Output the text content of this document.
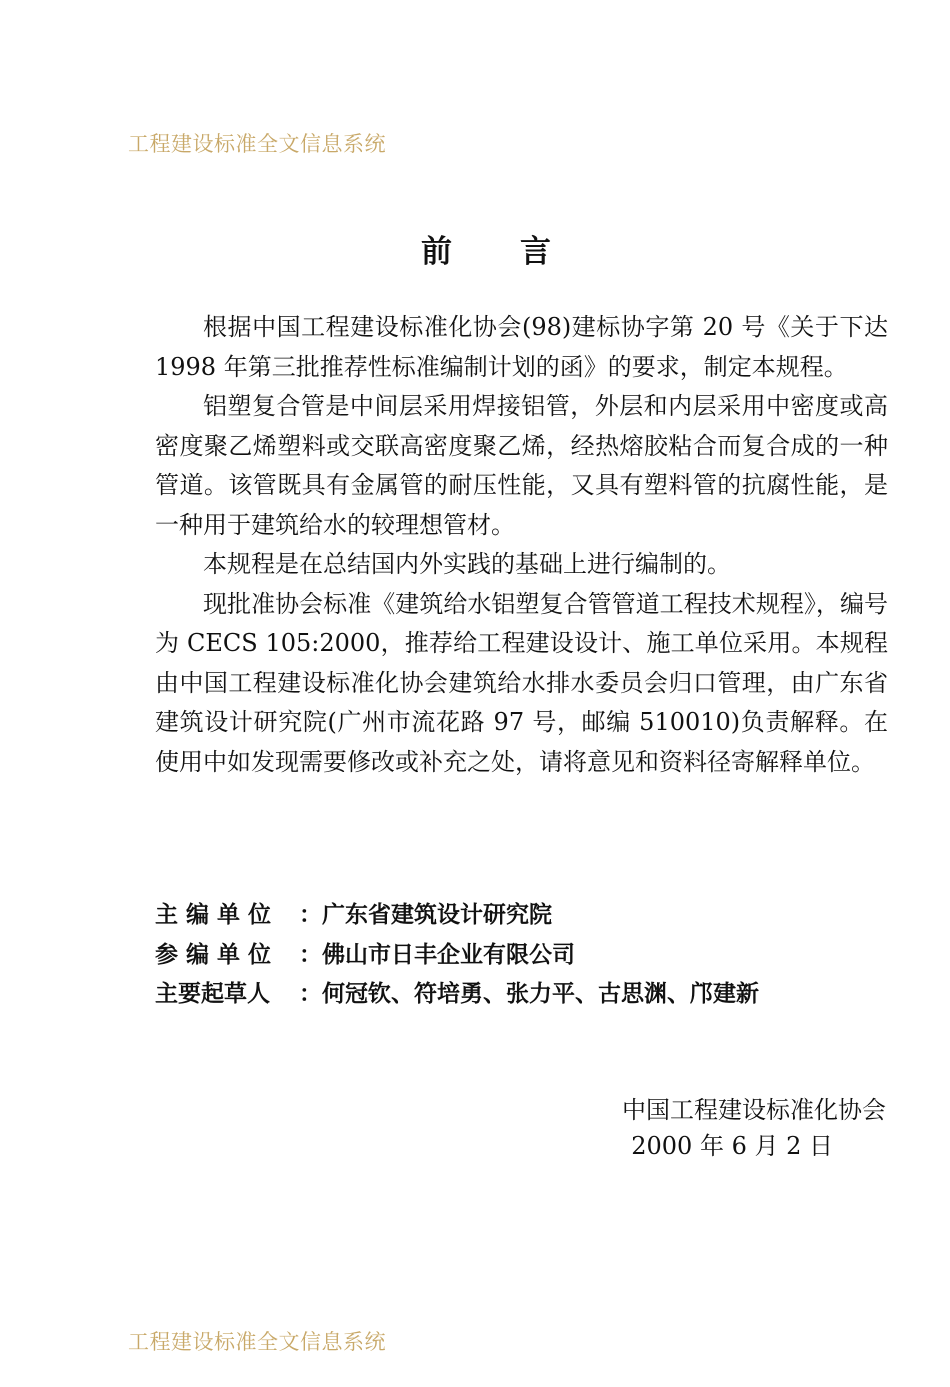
工程建设标准全文信息系统
前言

根据中国工程建设标准化协会(98)建标协字第 20 号《关于下达 1998 年第三批推荐性标准编制计划的函》的要求，制定本规程。

铝塑复合管是中间层采用焊接铝管，外层和内层采用中密度或高密度聚乙烯塑料或交联高密度聚乙烯，经热熔胶粘合而复合成的一种管道。该管既具有金属管的耐压性能，又具有塑料管的抗腐性能，是一种用于建筑给水的较理想管材。

本规程是在总结国内外实践的基础上进行编制的。

现批准协会标准《建筑给水铝塑复合管管道工程技术规程》，编号为 CECS 105:2000，推荐给工程建设设计、施工单位采用。本规程由中国工程建设标准化协会建筑给水排水委员会归口管理，由广东省建筑设计研究院(广州市流花路 97 号，邮编 510010)负责解释。在使用中如发现需要修改或补充之处，请将意见和资料径寄解释单位。

主 编 单 位 ：广东省建筑设计研究院
参 编 单 位 ：佛山市日丰企业有限公司
主要起草人 ：何冠钦、符培勇、张力平、古思渊、邝建新
中国工程建设标准化协会
2000 年 6 月 2 日
工程建设标准全文信息系统
